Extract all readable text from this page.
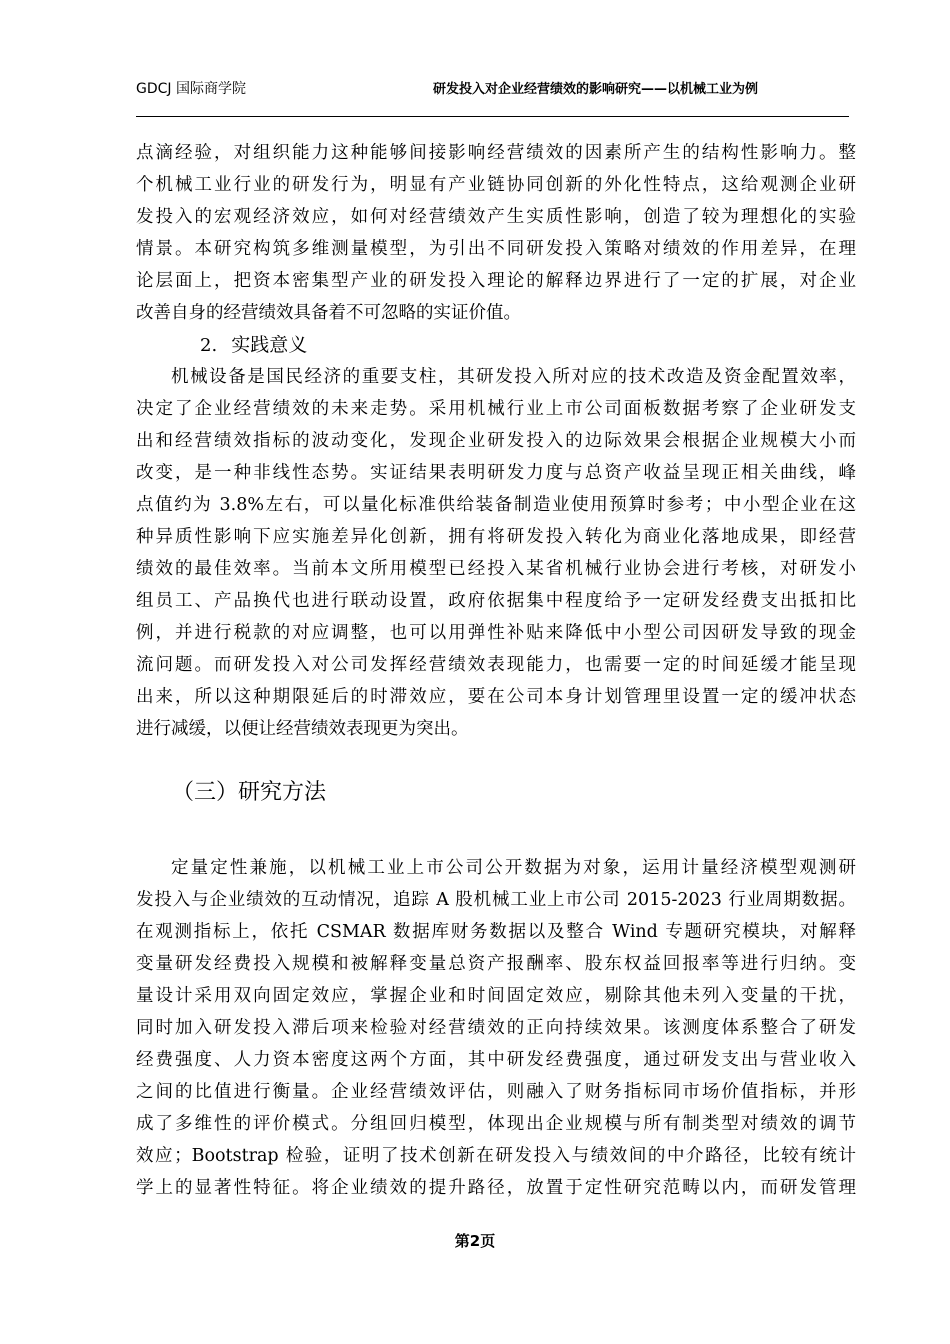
GDCJ 国际商学院	研发投入对企业经营绩效的影响研究——以机械工业为例
点滴经验，对组织能力这种能够间接影响经营绩效的因素所产生的结构性影响力。整
个机械工业行业的研发行为，明显有产业链协同创新的外化性特点，这给观测企业研
发投入的宏观经济效应，如何对经营绩效产生实质性影响，创造了较为理想化的实验
情景。本研究构筑多维测量模型，为引出不同研发投入策略对绩效的作用差异，在理
论层面上，把资本密集型产业的研发投入理论的解释边界进行了一定的扩展，对企业
改善自身的经营绩效具备着不可忽略的实证价值。
2. 实践意义
机械设备是国民经济的重要支柱，其研发投入所对应的技术改造及资金配置效率，
决定了企业经营绩效的未来走势。采用机械行业上市公司面板数据考察了企业研发支
出和经营绩效指标的波动变化，发现企业研发投入的边际效果会根据企业规模大小而
改变，是一种非线性态势。实证结果表明研发力度与总资产收益呈现正相关曲线，峰
点值约为 3.8%左右，可以量化标准供给装备制造业使用预算时参考；中小型企业在这
种异质性影响下应实施差异化创新，拥有将研发投入转化为商业化落地成果，即经营
绩效的最佳效率。当前本文所用模型已经投入某省机械行业协会进行考核，对研发小
组员工、产品换代也进行联动设置，政府依据集中程度给予一定研发经费支出抵扣比
例，并进行税款的对应调整，也可以用弹性补贴来降低中小型公司因研发导致的现金
流问题。而研发投入对公司发挥经营绩效表现能力，也需要一定的时间延缓才能呈现
出来，所以这种期限延后的时滞效应，要在公司本身计划管理里设置一定的缓冲状态
进行减缓，以便让经营绩效表现更为突出。
（三）研究方法
定量定性兼施，以机械工业上市公司公开数据为对象，运用计量经济模型观测研
发投入与企业绩效的互动情况，追踪 A 股机械工业上市公司 2015-2023 行业周期数据。
在观测指标上，依托 CSMAR 数据库财务数据以及整合 Wind 专题研究模块，对解释
变量研发经费投入规模和被解释变量总资产报酬率、股东权益回报率等进行归纳。变
量设计采用双向固定效应，掌握企业和时间固定效应，剔除其他未列入变量的干扰，
同时加入研发投入滞后项来检验对经营绩效的正向持续效果。该测度体系整合了研发
经费强度、人力资本密度这两个方面，其中研发经费强度，通过研发支出与营业收入
之间的比值进行衡量。企业经营绩效评估，则融入了财务指标同市场价值指标，并形
成了多维性的评价模式。分组回归模型，体现出企业规模与所有制类型对绩效的调节
效应；Bootstrap 检验，证明了技术创新在研发投入与绩效间的中介路径，比较有统计
学上的显著性特征。将企业绩效的提升路径，放置于定性研究范畴以内，而研发管理
第2页
